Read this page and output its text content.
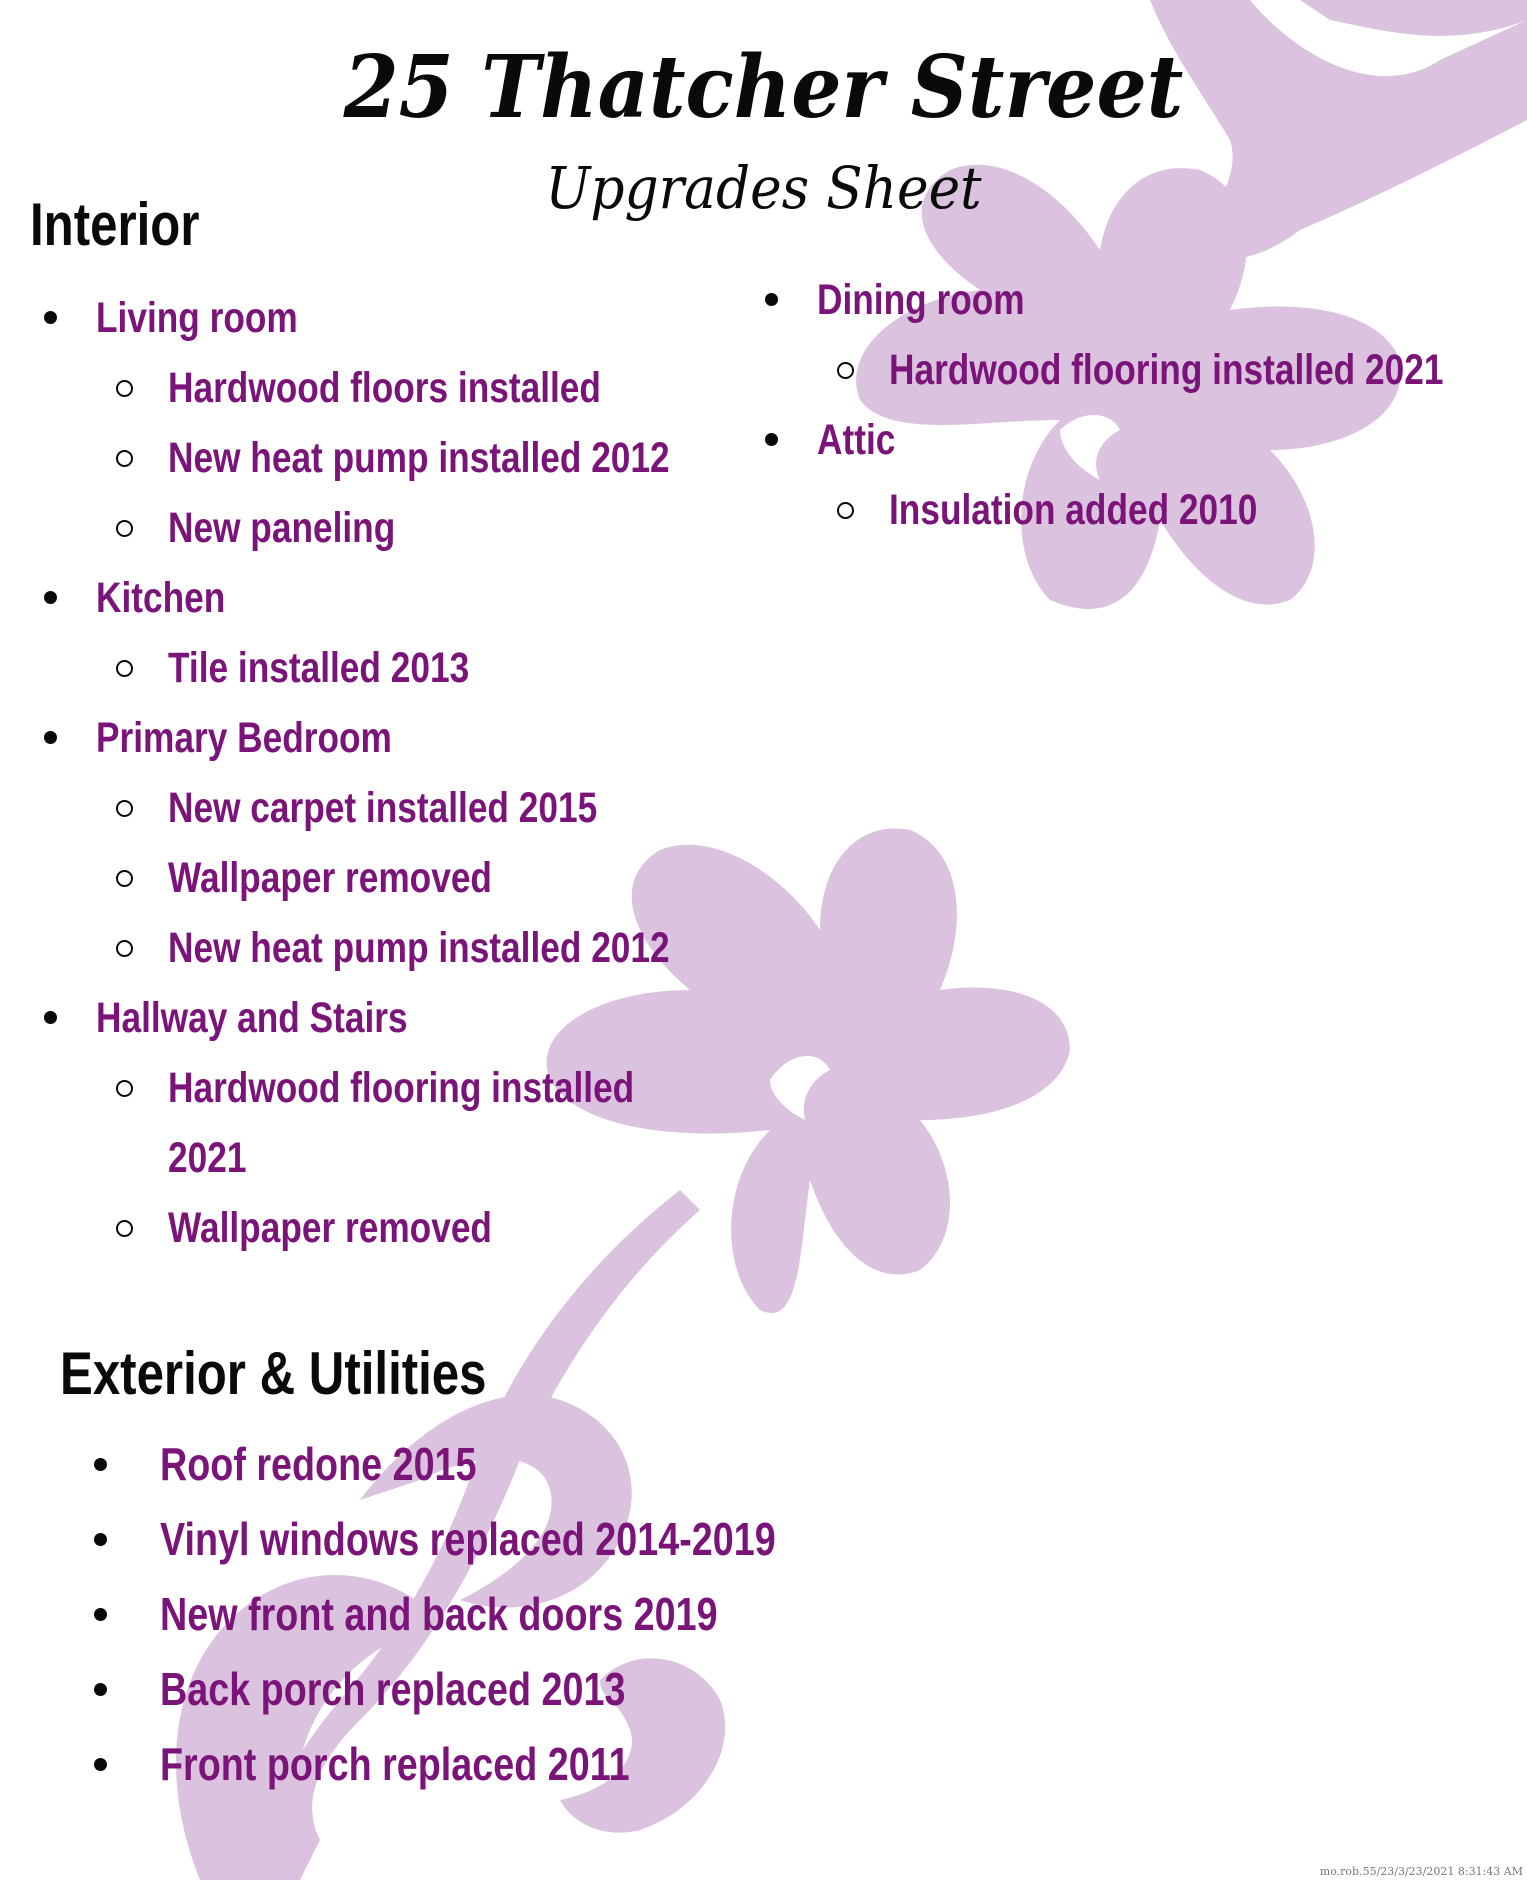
25 Thatcher Street
Upgrades Sheet
Interior
Living room
Hardwood floors installed
New heat pump installed 2012
New paneling
Kitchen
Tile installed 2013
Primary Bedroom
New carpet installed 2015
Wallpaper removed
New heat pump installed 2012
Hallway and Stairs
Hardwood flooring installed 2021
Wallpaper removed
Dining room
Hardwood flooring installed 2021
Attic
Insulation added 2010
Exterior & Utilities
Roof redone 2015
Vinyl windows replaced 2014-2019
New front and back doors 2019
Back porch replaced 2013
Front porch replaced 2011
mo.rob.55/23/3/23/2021 8:31:43 AM
